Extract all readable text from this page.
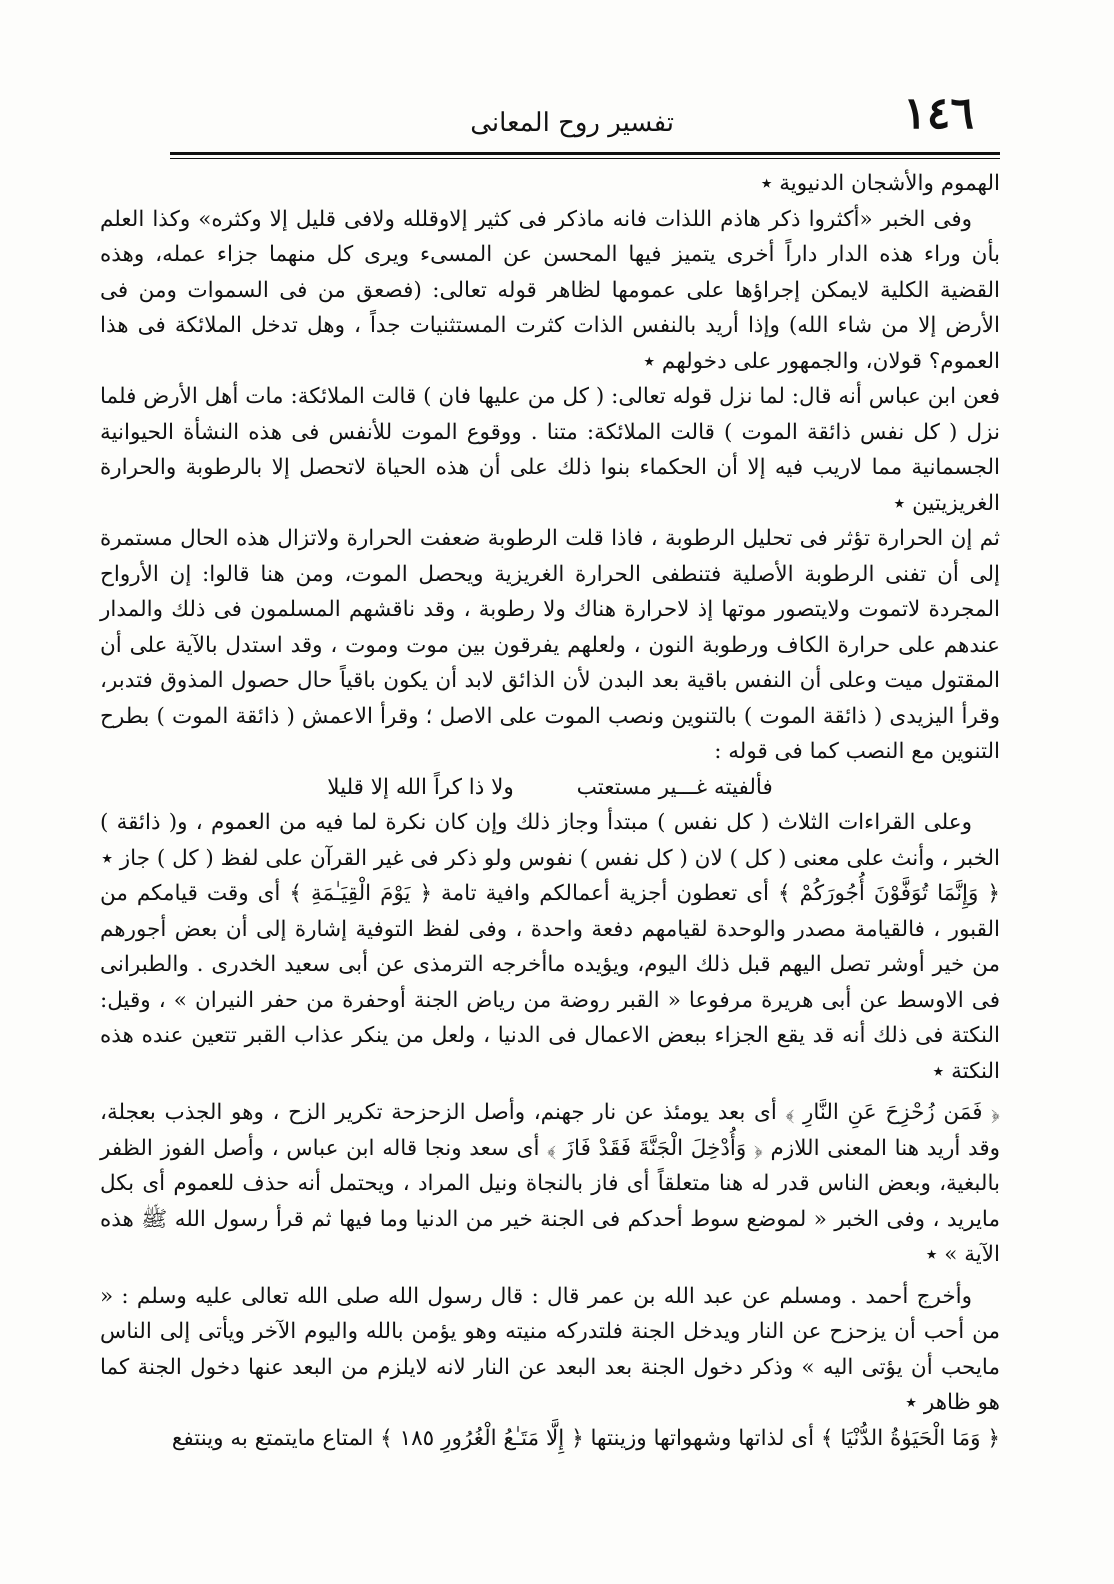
١٤٦
تفسير روح المعانى

الهموم والأشجان الدنيوية ٭

وفى الخبر «أكثروا ذكر هاذم اللذات فانه ماذكر فى كثير إلاوقلله ولافى قليل إلا وكثره» وكذا العلم بأن وراء هذه الدار داراً أخرى يتميز فيها المحسن عن المسىء ويرى كل منهما جزاء عمله، وهذه القضية الكلية لايمكن إجراؤها على عمومها لظاهر قوله تعالى: (فصعق من فى السموات ومن فى الأرض إلا من شاء الله) وإذا أريد بالنفس الذات كثرت المستثنيات جداً ، وهل تدخل الملائكة فى هذا العموم؟ قولان، والجمهور على دخولهم ٭

فعن ابن عباس أنه قال: لما نزل قوله تعالى: ( كل من عليها فان ) قالت الملائكة: مات أهل الأرض فلما نزل ( كل نفس ذائقة الموت ) قالت الملائكة: متنا . ووقوع الموت للأنفس فى هذه النشأة الحيوانية الجسمانية مما لاريب فيه إلا أن الحكماء بنوا ذلك على أن هذه الحياة لاتحصل إلا بالرطوبة والحرارة الغريزيتين ٭

ثم إن الحرارة تؤثر فى تحليل الرطوبة ، فاذا قلت الرطوبة ضعفت الحرارة ولاتزال هذه الحال مستمرة إلى أن تفنى الرطوبة الأصلية فتنطفى الحرارة الغريزية ويحصل الموت، ومن هنا قالوا: إن الأرواح المجردة لاتموت ولايتصور موتها إذ لاحرارة هناك ولا رطوبة ، وقد ناقشهم المسلمون فى ذلك والمدار عندهم على حرارة الكاف ورطوبة النون ، ولعلهم يفرقون بين موت وموت ، وقد استدل بالآية على أن المقتول ميت وعلى أن النفس باقية بعد البدن لأن الذائق لابد أن يكون باقياً حال حصول المذوق فتدبر، وقرأ اليزيدى ( ذائقة الموت ) بالتنوين ونصب الموت على الاصل ؛ وقرأ الاعمش ( ذائقة الموت ) بطرح التنوين مع النصب كما فى قوله :

فألفيته غـــير مستعتب ولا ذا كراً الله إلا قليلا

وعلى القراءات الثلاث ( كل نفس ) مبتدأ وجاز ذلك وإن كان نكرة لما فيه من العموم ، و( ذائقة ) الخبر ، وأنث على معنى ( كل ) لان ( كل نفس ) نفوس ولو ذكر فى غير القرآن على لفظ ( كل ) جاز ٭

﴿ وَإِنَّمَا تُوَفَّوْنَ أُجُورَكُمْ ﴾ أى تعطون أجزية أعمالكم وافية تامة ﴿ يَوْمَ الْقِيَـٰمَةِ ﴾ أى وقت قيامكم من القبور ، فالقيامة مصدر والوحدة لقيامهم دفعة واحدة ، وفى لفظ التوفية إشارة إلى أن بعض أجورهم من خير أوشر تصل اليهم قبل ذلك اليوم، ويؤيده ماأخرجه الترمذى عن أبى سعيد الخدرى . والطبرانى فى الاوسط عن أبى هريرة مرفوعا « القبر روضة من رياض الجنة أوحفرة من حفر النيران » ، وقيل: النكتة فى ذلك أنه قد يقع الجزاء ببعض الاعمال فى الدنيا ، ولعل من ينكر عذاب القبر تتعين عنده هذه النكتة ٭

﴿ فَمَن زُحْزِحَ عَنِ النَّارِ ﴾ أى بعد يومئذ عن نار جهنم، وأصل الزحزحة تكرير الزح ، وهو الجذب بعجلة، وقد أريد هنا المعنى اللازم ﴿ وَأُدْخِلَ الْجَنَّةَ فَقَدْ فَازَ ﴾ أى سعد ونجا قاله ابن عباس ، وأصل الفوز الظفر بالبغية، وبعض الناس قدر له هنا متعلقاً أى فاز بالنجاة ونيل المراد ، ويحتمل أنه حذف للعموم أى بكل مايريد ، وفى الخبر « لموضع سوط أحدكم فى الجنة خير من الدنيا وما فيها ثم قرأ رسول الله ﷺ هذه الآية » ٭

وأخرج أحمد . ومسلم عن عبد الله بن عمر قال : قال رسول الله صلى الله تعالى عليه وسلم : « من أحب أن يزحزح عن النار ويدخل الجنة فلتدركه منيته وهو يؤمن بالله واليوم الآخر ويأتى إلى الناس مايحب أن يؤتى اليه » وذكر دخول الجنة بعد البعد عن النار لانه لايلزم من البعد عنها دخول الجنة كما هو ظاهر ٭

﴿ وَمَا الْحَيَوٰةُ الدُّنْيَا ﴾ أى لذاتها وشهواتها وزينتها ﴿ إِلَّا مَتَـٰعُ الْغُرُورِ ١٨٥ ﴾ المتاع مايتمتع به وينتفع
